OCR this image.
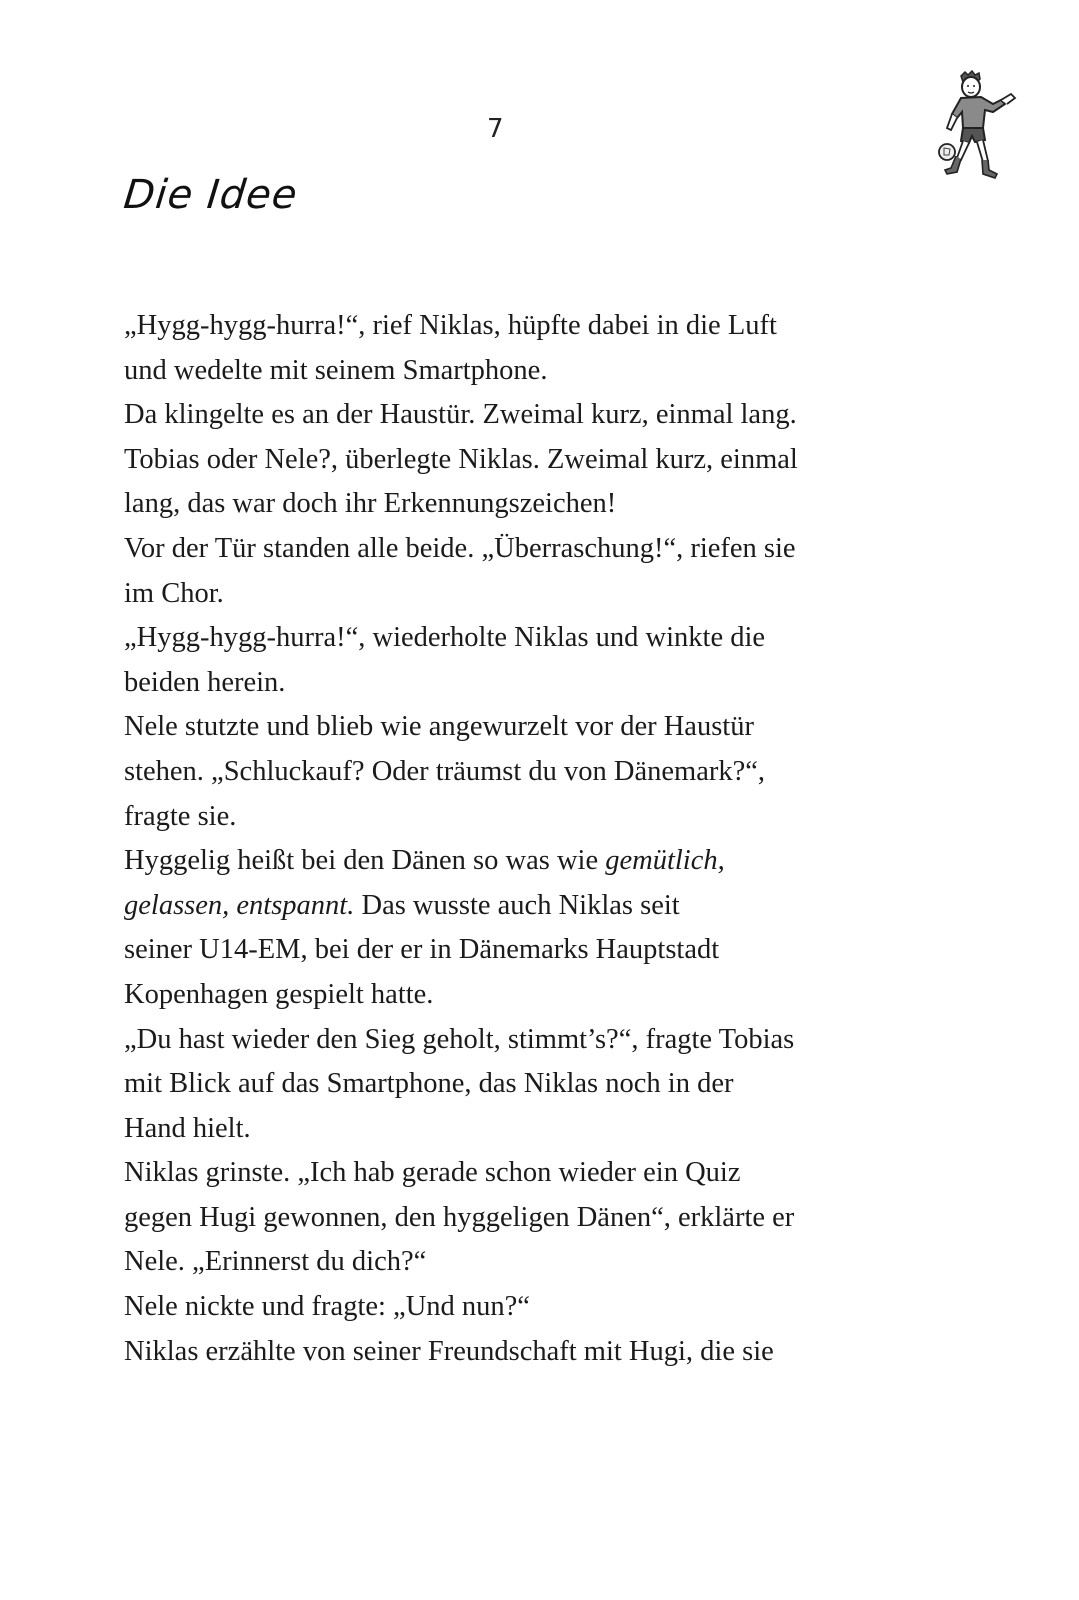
7
Die Idee
„Hygg-hygg-hurra!“, rief Niklas, hüpfte dabei in die Luft
und wedelte mit seinem Smartphone.
Da klingelte es an der Haustür. Zweimal kurz, einmal lang.
Tobias oder Nele?, überlegte Niklas. Zweimal kurz, einmal
lang, das war doch ihr Erkennungszeichen!
Vor der Tür standen alle beide. „Überraschung!“, riefen sie
im Chor.
„Hygg-hygg-hurra!“, wiederholte Niklas und winkte die
beiden herein.
Nele stutzte und blieb wie angewurzelt vor der Haustür
stehen. „Schluckauf? Oder träumst du von Dänemark?“,
fragte sie.
Hyggelig heißt bei den Dänen so was wie gemütlich,
gelassen, entspannt. Das wusste auch Niklas seit
seiner U14-EM, bei der er in Dänemarks Hauptstadt
Kopenhagen gespielt hatte.
„Du hast wieder den Sieg geholt, stimmt’s?“, fragte Tobias
mit Blick auf das Smartphone, das Niklas noch in der
Hand hielt.
Niklas grinste. „Ich hab gerade schon wieder ein Quiz
gegen Hugi gewonnen, den hyggeligen Dänen“, erklärte er
Nele. „Erinnerst du dich?“
Nele nickte und fragte: „Und nun?“
Niklas erzählte von seiner Freundschaft mit Hugi, die sie
